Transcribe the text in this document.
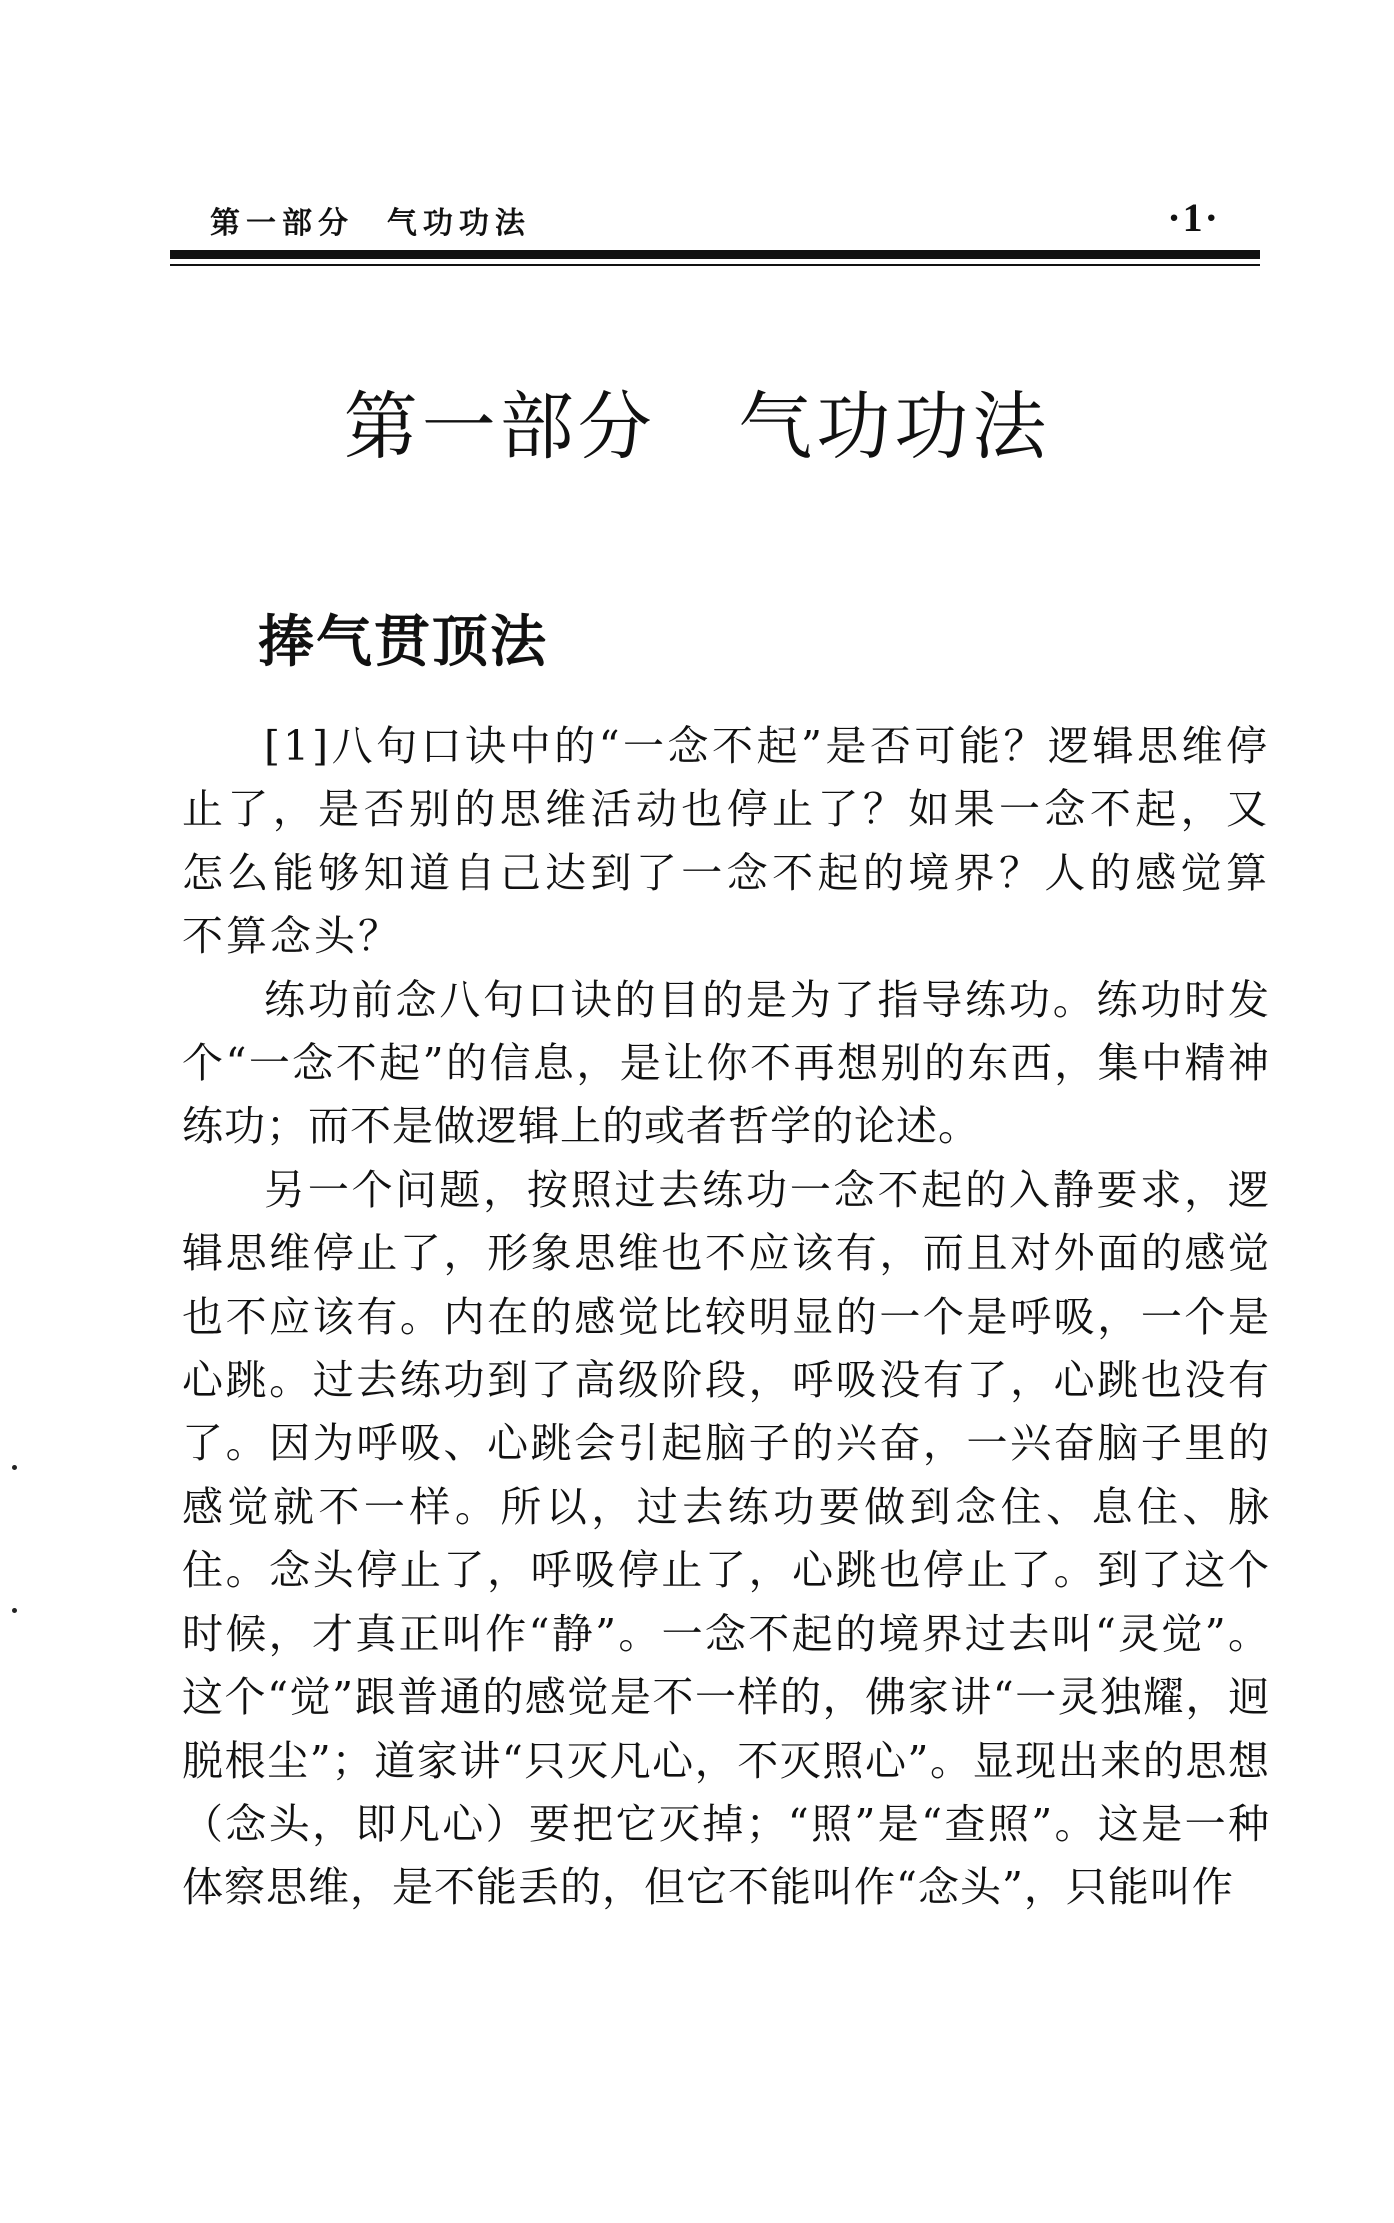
第一部分  气功功法	·1·
第一部分   气功功法
捧气贯顶法

[1]八句口诀中的“一念不起”是否可能？逻辑思维停止了，是否别的思维活动也停止了？如果一念不起，又怎么能够知道自己达到了一念不起的境界？人的感觉算不算念头？

练功前念八句口诀的目的是为了指导练功。练功时发个“一念不起”的信息，是让你不再想别的东西，集中精神练功；而不是做逻辑上的或者哲学的论述。

另一个问题，按照过去练功一念不起的入静要求，逻辑思维停止了，形象思维也不应该有，而且对外面的感觉也不应该有。内在的感觉比较明显的一个是呼吸，一个是心跳。过去练功到了高级阶段，呼吸没有了，心跳也没有了。因为呼吸、心跳会引起脑子的兴奋，一兴奋脑子里的感觉就不一样。所以，过去练功要做到念住、息住、脉住。念头停止了，呼吸停止了，心跳也停止了。到了这个时候，才真正叫作“静”。一念不起的境界过去叫“灵觉”。这个“觉”跟普通的感觉是不一样的，佛家讲“一灵独耀，迥脱根尘”；道家讲“只灭凡心，不灭照心”。显现出来的思想（念头，即凡心）要把它灭掉；“照”是“查照”。这是一种体察思维，是不能丢的，但它不能叫作“念头”，只能叫作
